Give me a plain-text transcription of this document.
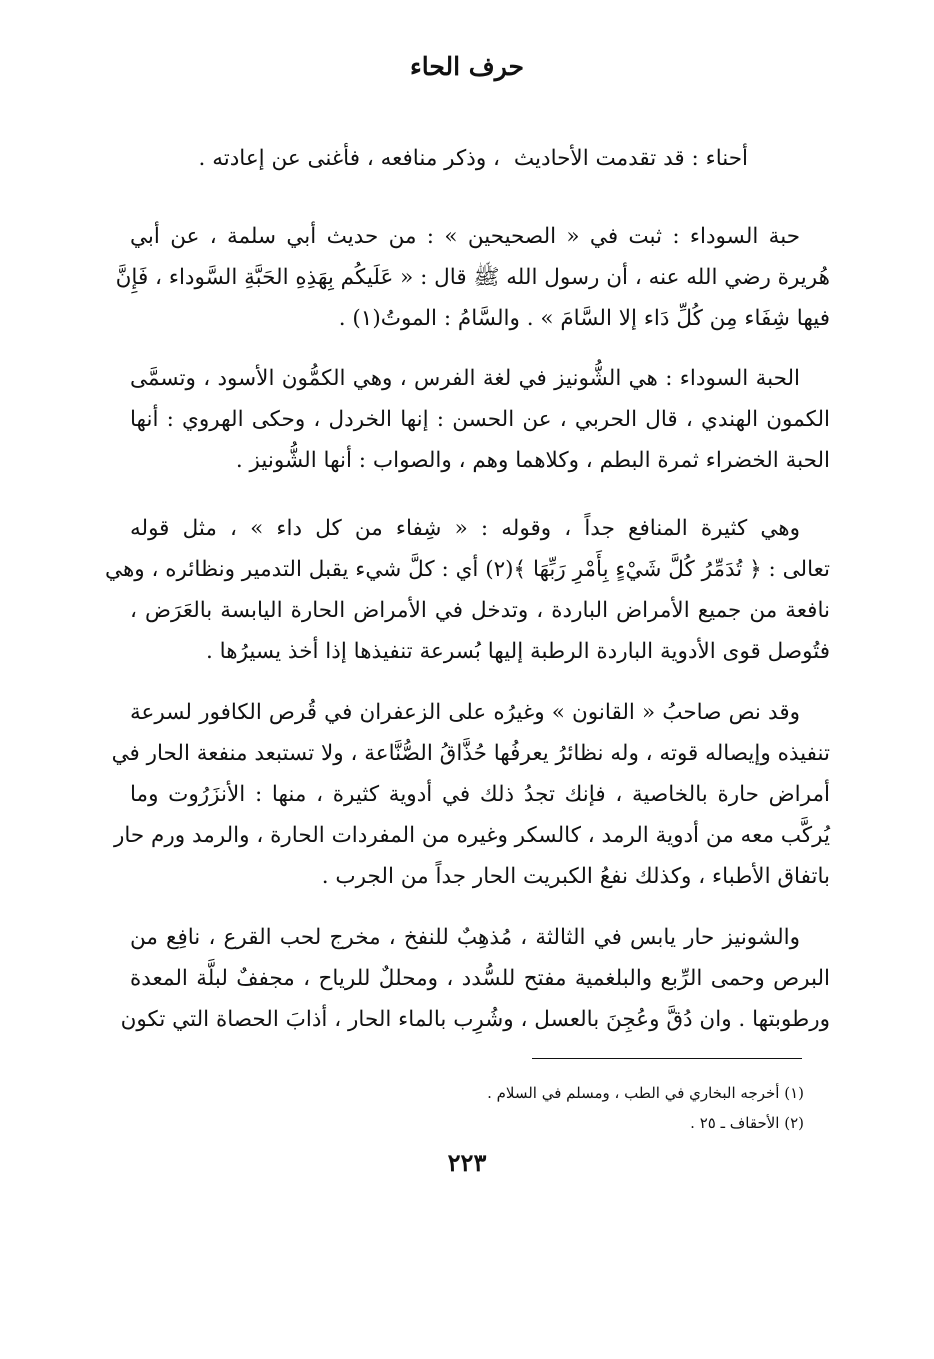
حرف الحاء
أحناء : قد تقدمت الأحاديث
، وذكر منافعه ، فأغنى عن إعادته .
حبة السوداء : ثبت في « الصحيحين » : من حديث أبي سلمة ، عن أبي
هُريرة رضي الله عنه ، أن رسول الله ﷺ قال : « عَلَيكُم بِهَذِهِ الحَبَّةِ السَّوداء ، فَإِنَّ
فيها شِفَاء مِن كُلِّ دَاء إلا السَّامَ » . والسَّامُ : الموتُ(١) .
الحبة السوداء : هي الشُّونيز في لغة الفرس ، وهي الكمُّون الأسود ، وتسمَّى
الكمون الهندي ، قال الحربي ، عن الحسن : إنها الخردل ، وحكى الهروي : أنها
الحبة الخضراء ثمرة البطم ، وكلاهما وهم ، والصواب : أنها الشُّونيز .
وهي كثيرة المنافع جداً ، وقوله : « شِفاء من كل داء » ، مثل قوله
تعالى : ﴿ تُدَمِّرُ كُلَّ شَيْءٍ بِأَمْرِ رَبِّهَا ﴾(٢) أي : كلَّ شيء يقبل التدمير ونظائره ، وهي
نافعة من جميع الأمراض الباردة ، وتدخل في الأمراض الحارة اليابسة بالعَرَض ،
فتُوصل قوى الأدوية الباردة الرطبة إليها بُسرعة تنفيذها إذا أخذ يسيرُها .
وقد نص صاحبُ « القانون » وغيرُه على الزعفران في قُرص الكافور لسرعة
تنفيذه وإيصاله قوته ، وله نظائرُ يعرفُها حُذَّاقُ الصُّنَّاعة ، ولا تستبعد منفعة الحار في
أمراض حارة بالخاصية ، فإنك تجدُ ذلك في أدوية كثيرة ، منها : الأنزَرُوت وما
يُركَّب معه من أدوية الرمد ، كالسكر وغيره من المفردات الحارة ، والرمد ورم حار
باتفاق الأطباء ، وكذلك نفعُ الكبريت الحار جداً من الجرب .
والشونيز حار يابس في الثالثة ، مُذهِبٌ للنفخ ، مخرج لحب القرع ، نافِع من
البرص وحمى الرِّبع والبلغمية مفتح للسُّدد ، ومحللٌ للرياح ، مجففٌ لبلَّة المعدة
ورطوبتها . وان دُقَّ وعُجِنَ بالعسل ، وشُرِب بالماء الحار ، أذابَ الحصاة التي تكون
(١) أخرجه البخاري في الطب ، ومسلم في السلام .
(٢) الأحقاف ـ ٢٥ .
٢٢٣
